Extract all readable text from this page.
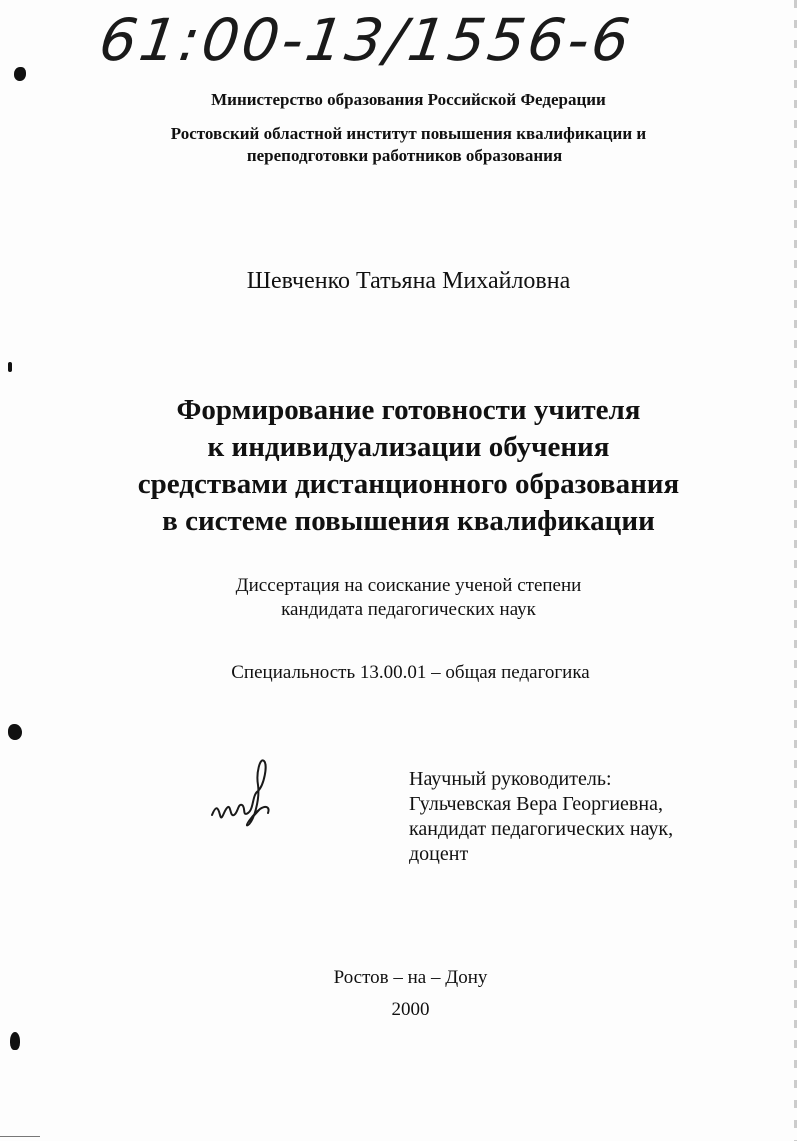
61:00-13/1556-6
Министерство образования Российской Федерации
Ростовский областной институт повышения квалификации и
переподготовки работников образования
Шевченко Татьяна Михайловна
Формирование готовности учителя
к индивидуализации обучения
средствами дистанционного образования
в системе повышения квалификации
Диссертация на соискание ученой степени
кандидата педагогических наук
Специальность 13.00.01 – общая педагогика
Научный руководитель:
Гульчевская Вера Георгиевна,
кандидат педагогических наук,
доцент
Ростов – на – Дону
2000
